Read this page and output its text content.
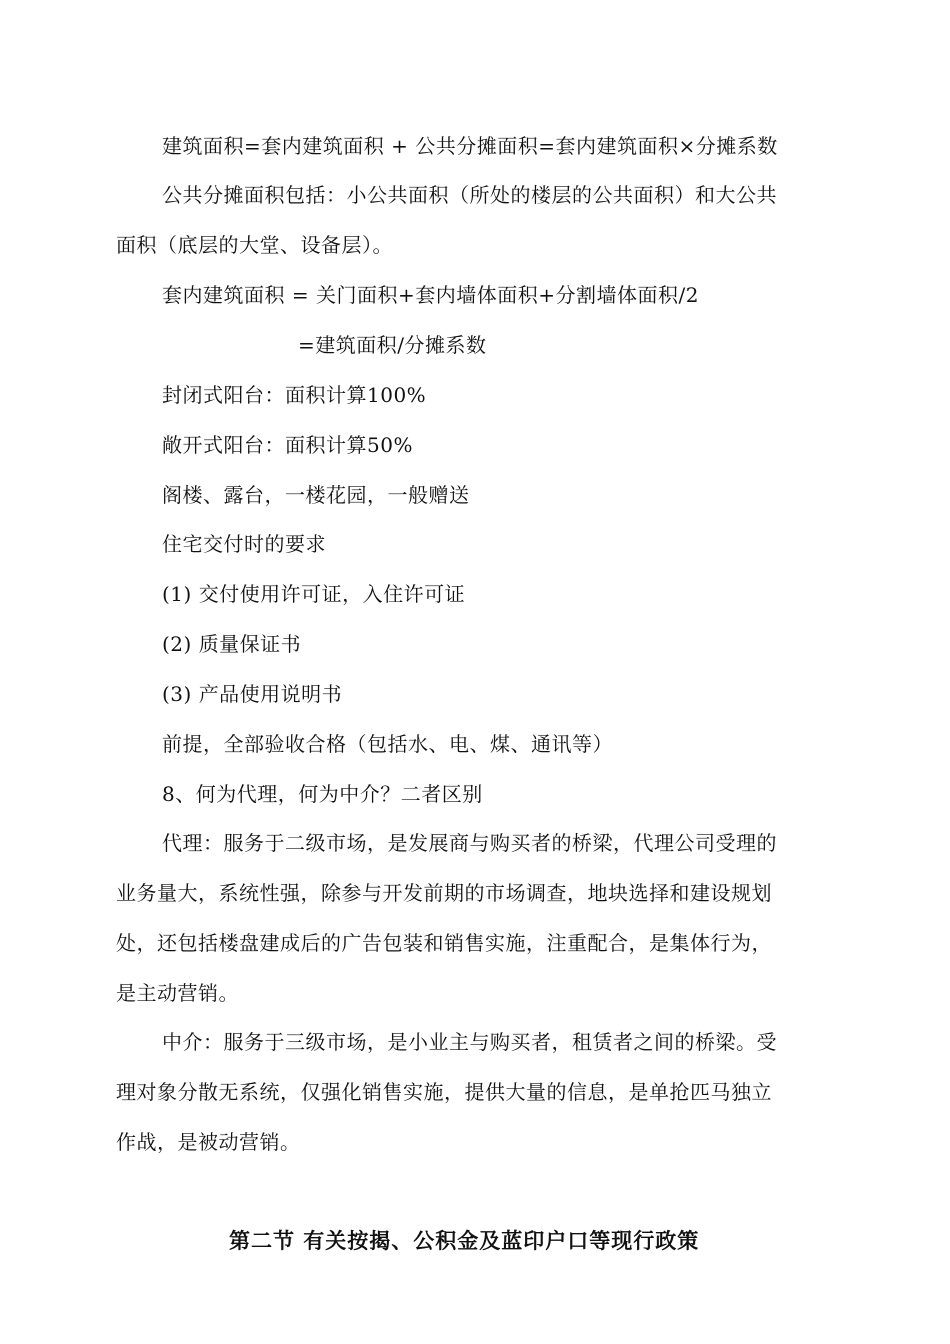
建筑面积=套内建筑面积 + 公共分摊面积=套内建筑面积×分摊系数
公共分摊面积包括：小公共面积（所处的楼层的公共面积）和大公共
面积（底层的大堂、设备层）。
套内建筑面积 = 关门面积+套内墙体面积+分割墙体面积/2
=建筑面积/分摊系数
封闭式阳台：面积计算100%
敞开式阳台：面积计算50%
阁楼、露台，一楼花园，一般赠送
住宅交付时的要求
(1) 交付使用许可证，入住许可证
(2) 质量保证书
(3) 产品使用说明书
前提，全部验收合格（包括水、电、煤、通讯等）
8、何为代理，何为中介？二者区别
代理：服务于二级市场，是发展商与购买者的桥梁，代理公司受理的
业务量大，系统性强，除参与开发前期的市场调查，地块选择和建设规划
处，还包括楼盘建成后的广告包装和销售实施，注重配合，是集体行为，
是主动营销。
中介：服务于三级市场，是小业主与购买者，租赁者之间的桥梁。受
理对象分散无系统，仅强化销售实施，提供大量的信息，是单抢匹马独立
作战，是被动营销。
第二节 有关按揭、公积金及蓝印户口等现行政策
